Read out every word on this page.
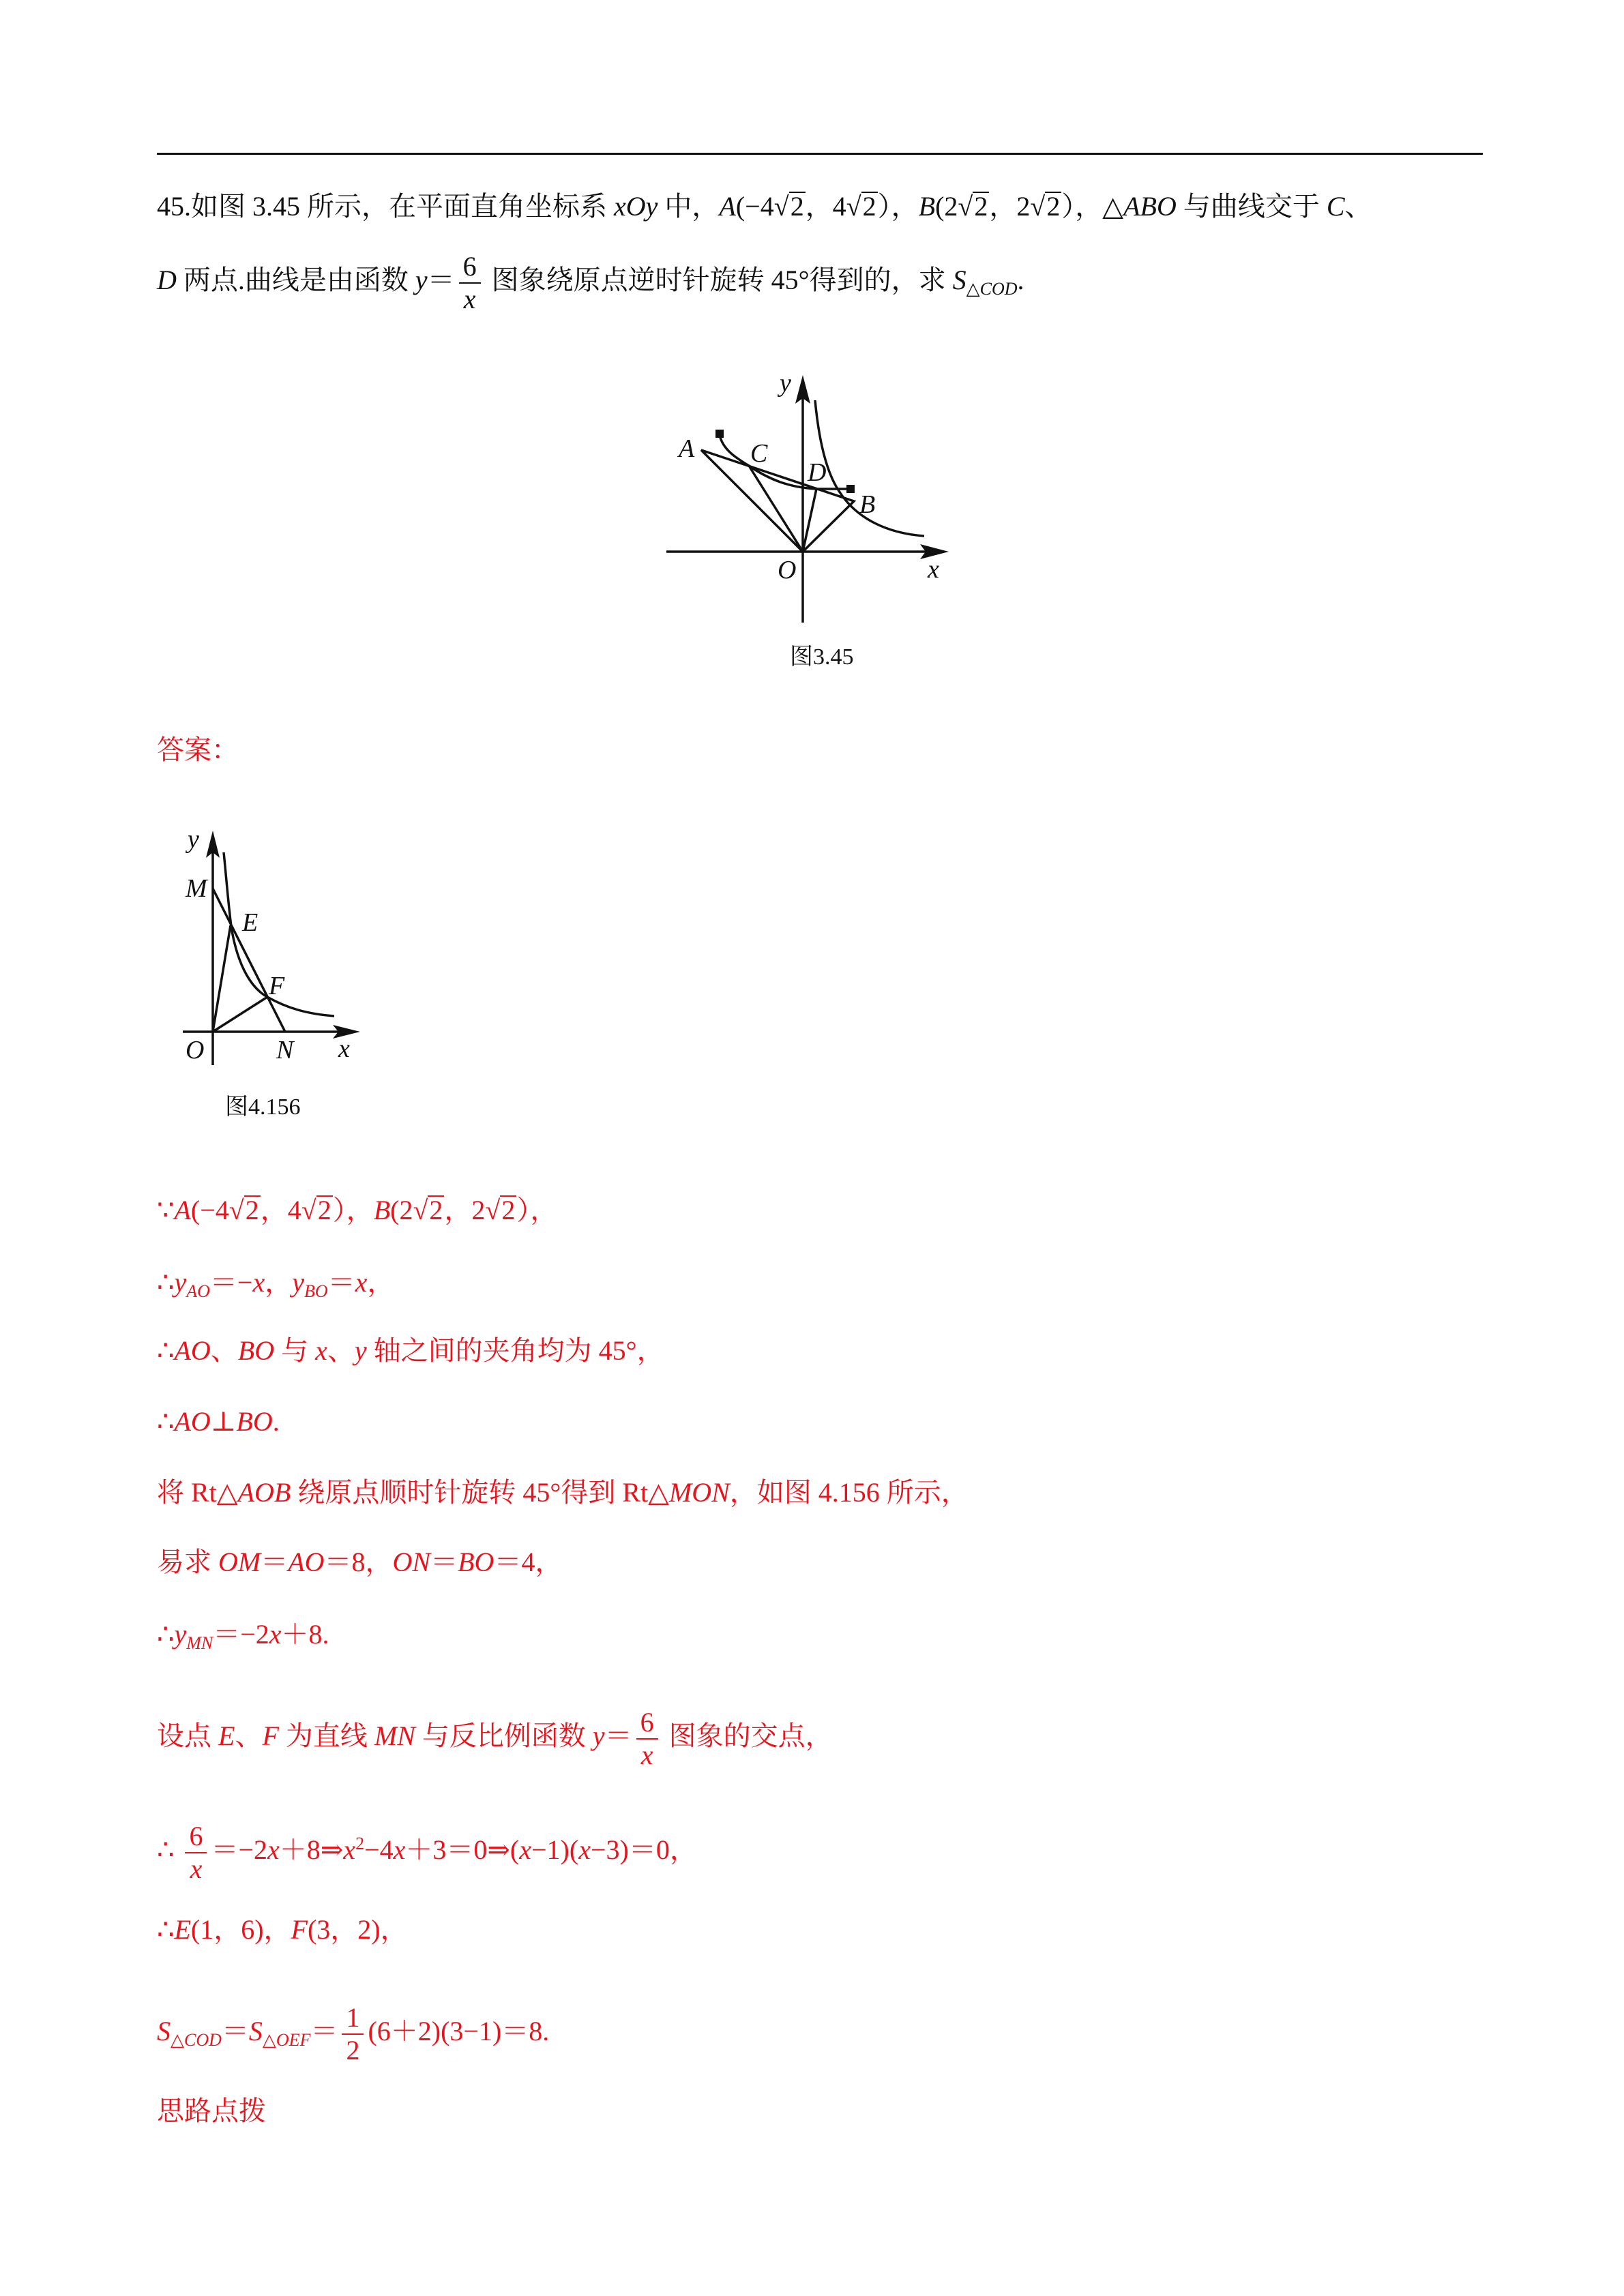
45.如图 3.45 所示，在平面直角坐标系 xOy 中，A(−4√2，4√2），B(2√2，2√2），△ABO 与曲线交于 C、
D 两点.曲线是由函数 $y= \frac{6}{x}$ 图象绕原点逆时针旋转 45°得到的，求 $S_{\triangle COD}$.
y
x
O
A C
D
B
图3.45
答案：
y
x
O
M
N
E
F
图4.156
∵A(−4√2，4√2），B(2√2，2√2），
$\therefore y_{AO}=-x$，$y_{BO}=x$，
∴AO、BO 与 x、y 轴之间的夹角均为 45°，
∴AO⊥BO.
将 Rt△AOB 绕原点顺时针旋转 45°得到 Rt△MON，如图 4.156 所示，
易求 OM＝AO＝8，ON＝BO＝4，
$\therefore y_{MN}=-2x+8$.
设点 E、F 为直线 MN 与反比例函数 $y= \frac{6}{x}$ 图象的交点，
∴ $\frac{6}{x}$ $=-2x+8\Rightarrow x^2-4x+3=0\Rightarrow(x-1)(x-3)=0$，
∴E(1，6)，F(3，2)，
$S_{\triangle COD}=S_{\triangle OEF}= \frac{1}{2} (6+2)(3-1)=8$.
思路点拨
